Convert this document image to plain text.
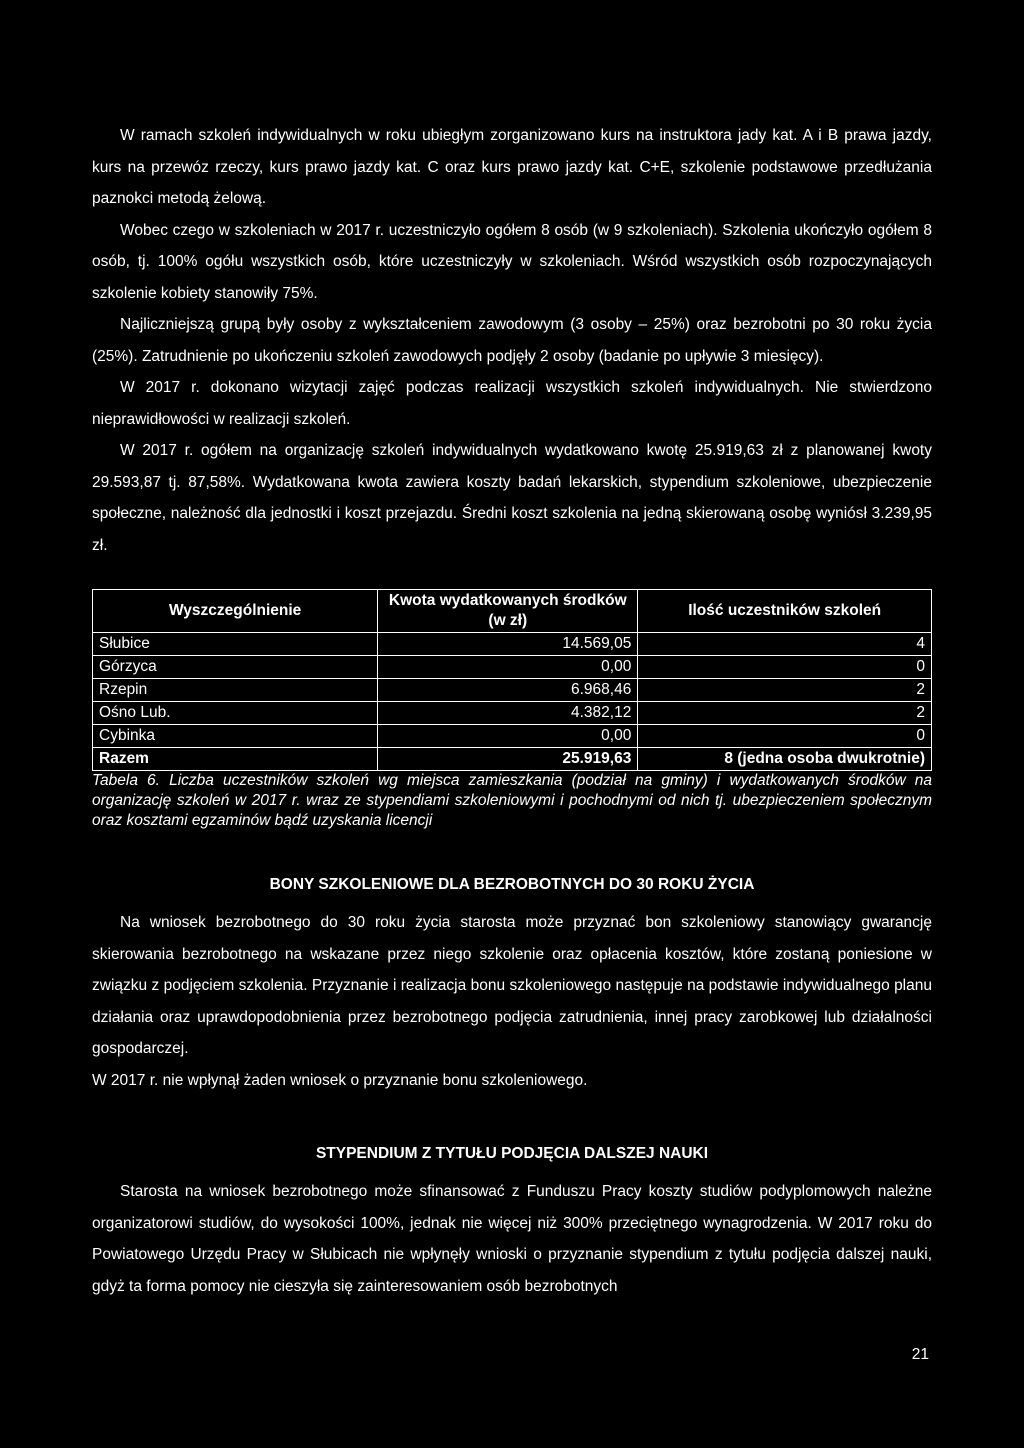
W ramach szkoleń indywidualnych w roku ubiegłym zorganizowano kurs na instruktora jady kat. A i B prawa jazdy, kurs na przewóz rzeczy, kurs prawo jazdy kat. C oraz kurs prawo jazdy kat. C+E, szkolenie podstawowe przedłużania paznokci metodą żelową.

Wobec czego w szkoleniach w 2017 r. uczestniczyło ogółem 8 osób (w 9 szkoleniach). Szkolenia ukończyło ogółem 8 osób, tj. 100% ogółu wszystkich osób, które uczestniczyły w szkoleniach. Wśród wszystkich osób rozpoczynających szkolenie kobiety stanowiły 75%.

Najliczniejszą grupą były osoby z wykształceniem zawodowym (3 osoby – 25%) oraz bezrobotni po 30 roku życia (25%). Zatrudnienie po ukończeniu szkoleń zawodowych podjęły 2 osoby (badanie po upływie 3 miesięcy).

W 2017 r. dokonano wizytacji zajęć podczas realizacji wszystkich szkoleń indywidualnych. Nie stwierdzono nieprawidłowości w realizacji szkoleń.

W 2017 r. ogółem na organizację szkoleń indywidualnych wydatkowano kwotę 25.919,63 zł z planowanej kwoty 29.593,87 tj. 87,58%. Wydatkowana kwota zawiera koszty badań lekarskich, stypendium szkoleniowe, ubezpieczenie społeczne, należność dla jednostki i koszt przejazdu. Średni koszt szkolenia na jedną skierowaną osobę wyniósł 3.239,95 zł.

Wyszczególnienie	Kwota wydatkowanych środków (w zł)	Ilość uczestników szkoleń
Słubice	14.569,05	4
Górzyca	0,00	0
Rzepin	6.968,46	2
Ośno Lub.	4.382,12	2
Cybinka	0,00	0
Razem	25.919,63	8 (jedna osoba dwukrotnie)

Tabela 6. Liczba uczestników szkoleń wg miejsca zamieszkania (podział na gminy) i wydatkowanych środków na organizację szkoleń w 2017 r. wraz ze stypendiami szkoleniowymi i pochodnymi od nich tj. ubezpieczeniem społecznym oraz kosztami egzaminów bądź uzyskania licencji

BONY SZKOLENIOWE DLA BEZROBOTNYCH DO 30 ROKU ŻYCIA

Na wniosek bezrobotnego do 30 roku życia starosta może przyznać bon szkoleniowy stanowiący gwarancję skierowania bezrobotnego na wskazane przez niego szkolenie oraz opłacenia kosztów, które zostaną poniesione w związku z podjęciem szkolenia. Przyznanie i realizacja bonu szkoleniowego następuje na podstawie indywidualnego planu działania oraz uprawdopodobnienia przez bezrobotnego podjęcia zatrudnienia, innej pracy zarobkowej lub działalności gospodarczej.

W 2017 r. nie wpłynął żaden wniosek o przyznanie bonu szkoleniowego.

STYPENDIUM Z TYTUŁU PODJĘCIA DALSZEJ NAUKI

Starosta na wniosek bezrobotnego może sfinansować z Funduszu Pracy koszty studiów podyplomowych należne organizatorowi studiów, do wysokości 100%, jednak nie więcej niż 300% przeciętnego wynagrodzenia. W 2017 roku do Powiatowego Urzędu Pracy w Słubicach nie wpłynęły wnioski o przyznanie stypendium z tytułu podjęcia dalszej nauki, gdyż ta forma pomocy nie cieszyła się zainteresowaniem osób bezrobotnych

21
